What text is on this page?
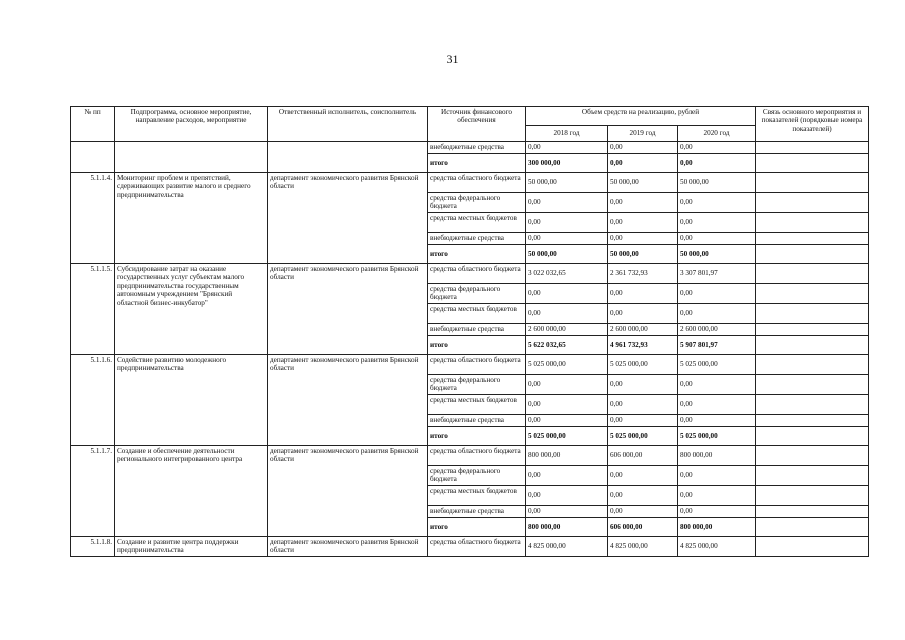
31
№ пп	Подпрограмма, основное мероприятие, направление расходов, мероприятие	Ответственный исполнитель, соисполнитель	Источник финансового обеспечения	Объем средств на реализацию, рублей			Связь основного мероприятия и показателей (порядковые номера показателей)
				2018 год	2019 год	2020 год	
			внебюджетные средства	0,00	0,00	0,00	
			итого	300 000,00	0,00	0,00	
5.1.1.4.	Мониторинг проблем и препятствий, сдерживающих развитие малого и среднего предпринимательства	департамент экономического развития Брянской области	средства областного бюджета	50 000,00	50 000,00	50 000,00	
			средства федерального бюджета	0,00	0,00	0,00	
			средства местных бюджетов	0,00	0,00	0,00	
			внебюджетные средства	0,00	0,00	0,00	
			итого	50 000,00	50 000,00	50 000,00	
5.1.1.5.	Субсидирование затрат на оказание государственных услуг субъектам малого предпринимательства государственным автономным учреждением "Брянский областной бизнес-инкубатор"	департамент экономического развития Брянской области	средства областного бюджета	3 022 032,65	2 361 732,93	3 307 801,97	
			средства федерального бюджета	0,00	0,00	0,00	
			средства местных бюджетов	0,00	0,00	0,00	
			внебюджетные средства	2 600 000,00	2 600 000,00	2 600 000,00	
			итого	5 622 032,65	4 961 732,93	5 907 801,97	
5.1.1.6.	Содействие развитию молодежного предпринимательства	департамент экономического развития Брянской области	средства областного бюджета	5 025 000,00	5 025 000,00	5 025 000,00	
			средства федерального бюджета	0,00	0,00	0,00	
			средства местных бюджетов	0,00	0,00	0,00	
			внебюджетные средства	0,00	0,00	0,00	
			итого	5 025 000,00	5 025 000,00	5 025 000,00	
5.1.1.7.	Создание и обеспечение деятельности регионального интегрированного центра	департамент экономического развития Брянской области	средства областного бюджета	800 000,00	606 000,00	800 000,00	
			средства федерального бюджета	0,00	0,00	0,00	
			средства местных бюджетов	0,00	0,00	0,00	
			внебюджетные средства	0,00	0,00	0,00	
			итого	800 000,00	606 000,00	800 000,00	
5.1.1.8.	Создание и развитие центра поддержки предпринимательства	департамент экономического развития Брянской области	средства областного бюджета	4 825 000,00	4 825 000,00	4 825 000,00	
